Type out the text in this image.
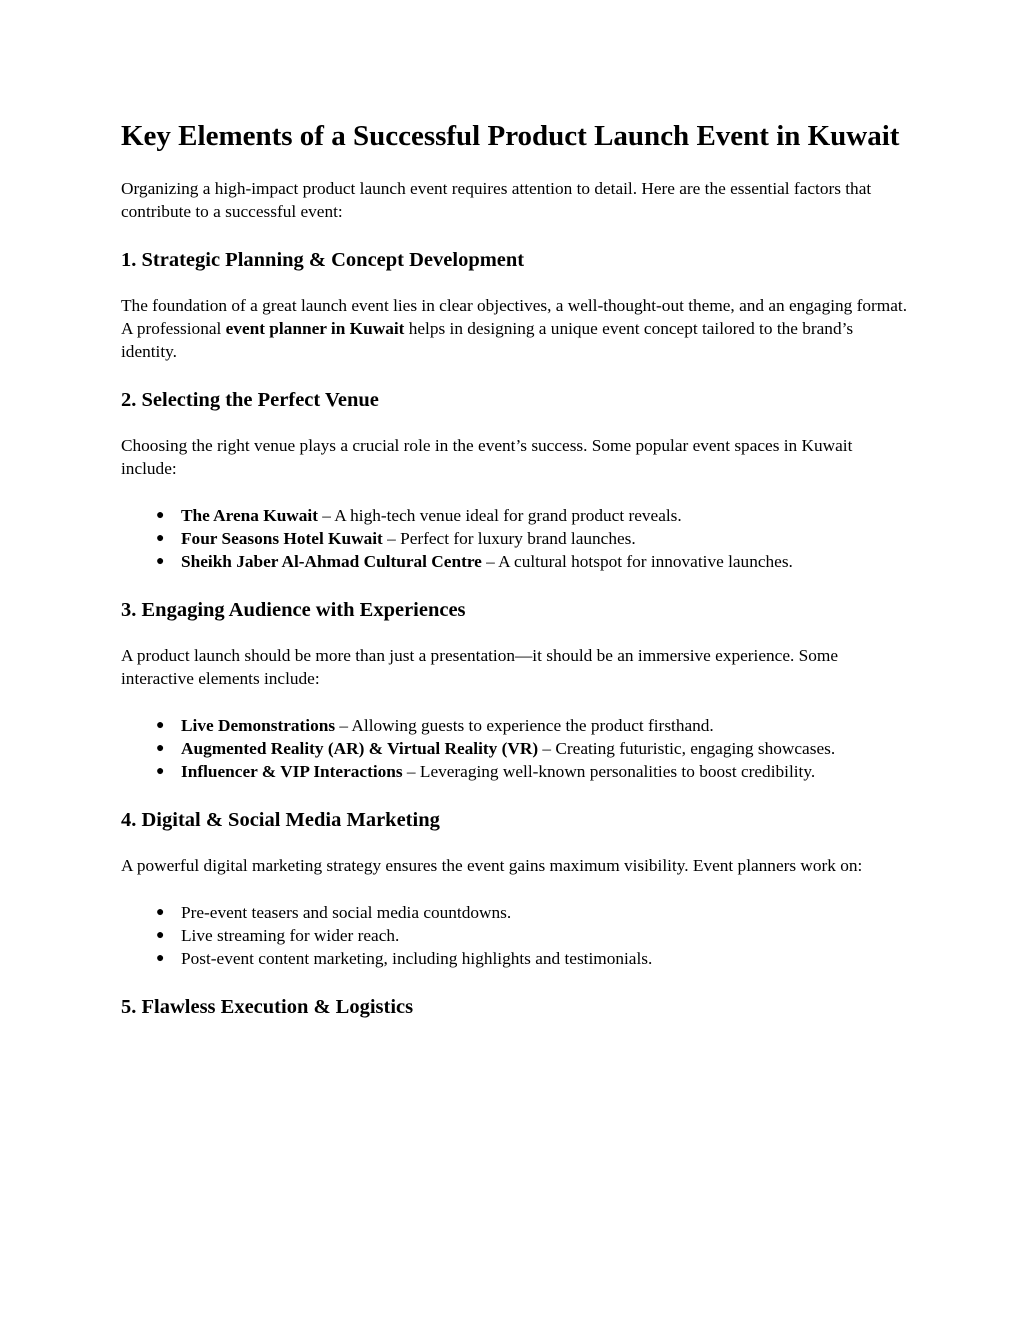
Key Elements of a Successful Product Launch Event in Kuwait

Organizing a high-impact product launch event requires attention to detail. Here are the essential factors that contribute to a successful event:

1. Strategic Planning & Concept Development

The foundation of a great launch event lies in clear objectives, a well-thought-out theme, and an engaging format. A professional event planner in Kuwait helps in designing a unique event concept tailored to the brand’s identity.

2. Selecting the Perfect Venue

Choosing the right venue plays a crucial role in the event’s success. Some popular event spaces in Kuwait include:

● The Arena Kuwait – A high-tech venue ideal for grand product reveals.
● Four Seasons Hotel Kuwait – Perfect for luxury brand launches.
● Sheikh Jaber Al-Ahmad Cultural Centre – A cultural hotspot for innovative launches.
3. Engaging Audience with Experiences

A product launch should be more than just a presentation—it should be an immersive experience. Some interactive elements include:

● Live Demonstrations – Allowing guests to experience the product firsthand.
● Augmented Reality (AR) & Virtual Reality (VR) – Creating futuristic, engaging showcases.
● Influencer & VIP Interactions – Leveraging well-known personalities to boost credibility.
4. Digital & Social Media Marketing

A powerful digital marketing strategy ensures the event gains maximum visibility. Event planners work on:

● Pre-event teasers and social media countdowns.
● Live streaming for wider reach.
● Post-event content marketing, including highlights and testimonials.
5. Flawless Execution & Logistics
